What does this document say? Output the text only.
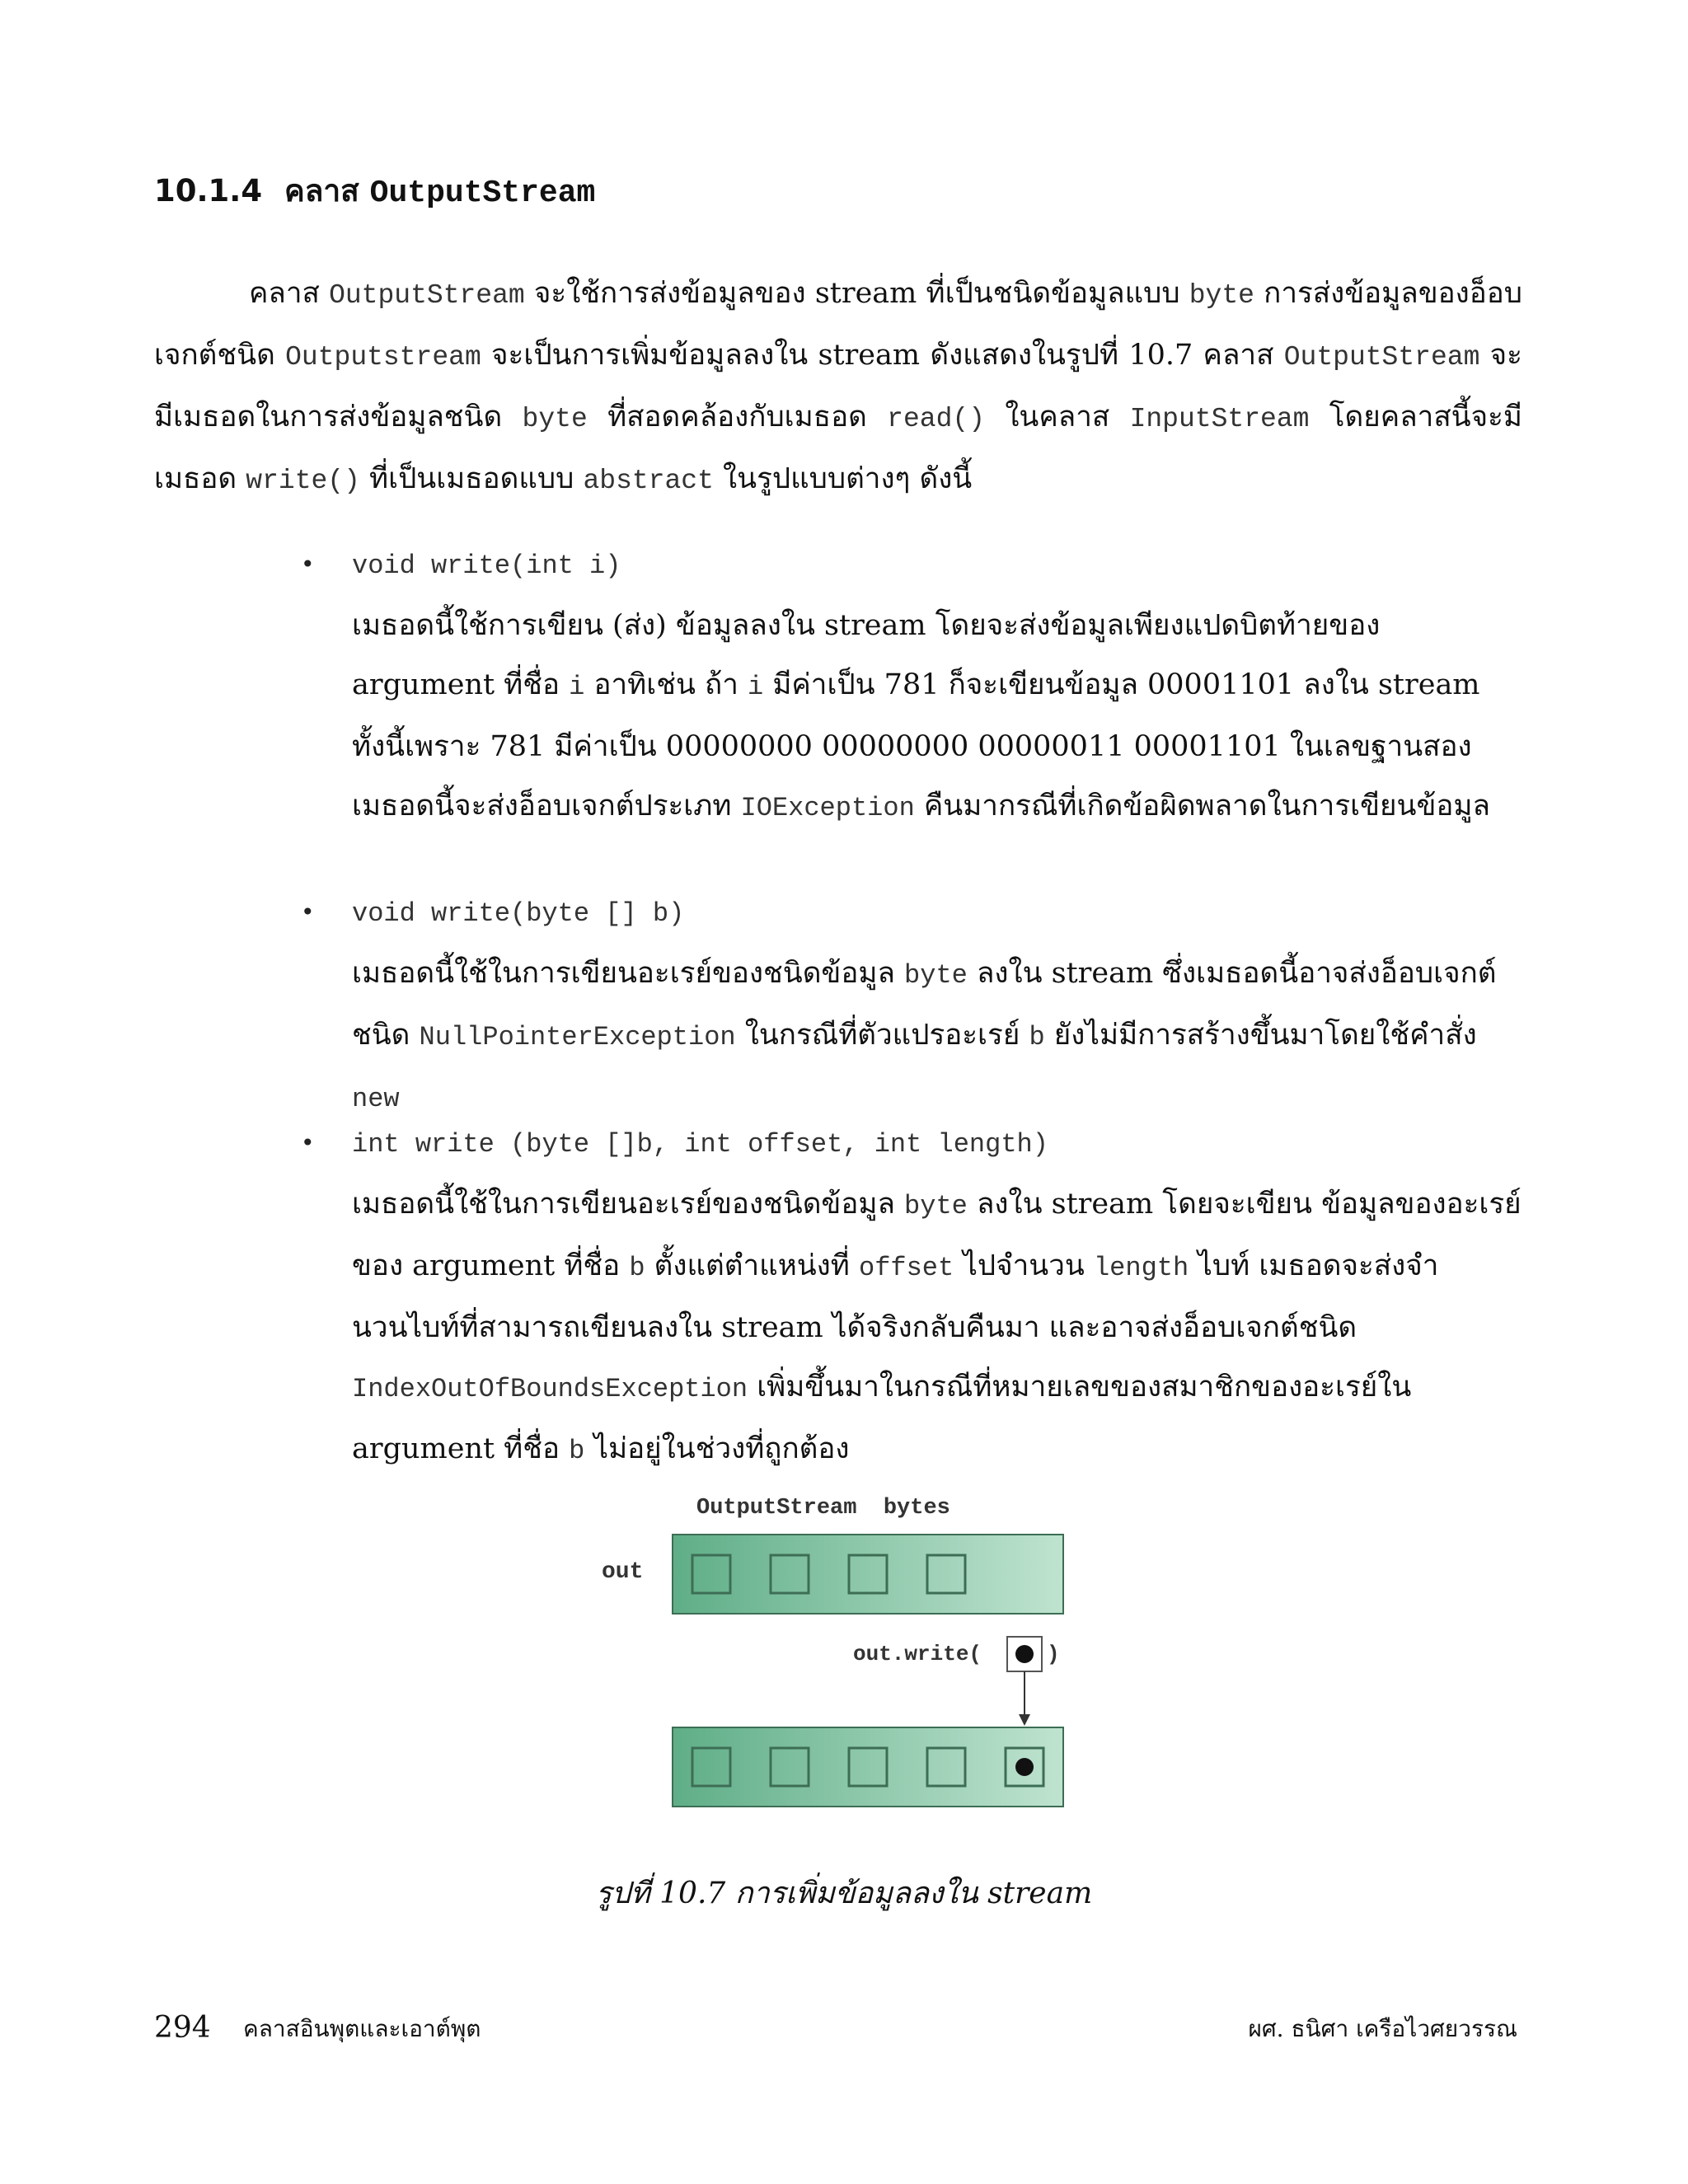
10.1.4 คลาส OutputStream

คลาส OutputStream จะใช้การส่งข้อมูลของ stream ที่เป็นชนิดข้อมูลแบบ byte การส่งข้อมูลของอ็อบเจกต์ชนิด Outputstream จะเป็นการเพิ่มข้อมูลลงใน stream ดังแสดงในรูปที่ 10.7 คลาส OutputStream จะมีเมธอดในการส่งข้อมูลชนิด byte ที่สอดคล้องกับเมธอด read() ในคลาส InputStream โดยคลาสนี้จะมีเมธอด write() ที่เป็นเมธอดแบบ abstract ในรูปแบบต่างๆ ดังนี้

• void write(int i)

เมธอดนี้ใช้การเขียน (ส่ง) ข้อมูลลงใน stream โดยจะส่งข้อมูลเพียงแปดบิตท้ายของ argument ที่ชื่อ i อาทิเช่น ถ้า i มีค่าเป็น 781 ก็จะเขียนข้อมูล 00001101 ลงใน stream ทั้งนี้เพราะ 781 มีค่าเป็น 00000000 00000000 00000011 00001101 ในเลขฐานสอง เมธอดนี้จะส่งอ็อบเจกต์ประเภท IOException คืนมากรณีที่เกิดข้อผิดพลาดในการเขียนข้อมูล

• void write(byte [] b)

เมธอดนี้ใช้ในการเขียนอะเรย์ของชนิดข้อมูล byte ลงใน stream ซึ่งเมธอดนี้อาจส่งอ็อบเจกต์ชนิด NullPointerException ในกรณีที่ตัวแปรอะเรย์ b ยังไม่มีการสร้างขึ้นมาโดยใช้คำสั่ง new

• int write (byte []b, int offset, int length)

เมธอดนี้ใช้ในการเขียนอะเรย์ของชนิดข้อมูล byte ลงใน stream โดยจะเขียน ข้อมูลของอะเรย์ของ argument ที่ชื่อ b ตั้งแต่ตำแหน่งที่ offset ไปจำนวน length ไบท์ เมธอดจะส่งจำนวนไบท์ที่สามารถเขียนลงใน stream ได้จริงกลับคืนมา และอาจส่งอ็อบเจกต์ชนิด IndexOutOfBoundsException เพิ่มขึ้นมาในกรณีที่หมายเลขของสมาชิกของอะเรย์ใน argument ที่ชื่อ b ไม่อยู่ในช่วงที่ถูกต้อง

OutputStream  bytes
out
out.write(	)
รูปที่ 10.7 การเพิ่มข้อมูลลงใน stream
294 คลาสอินพุตและเอาต์พุต	ผศ. ธนิศา เครือไวศยวรรณ
